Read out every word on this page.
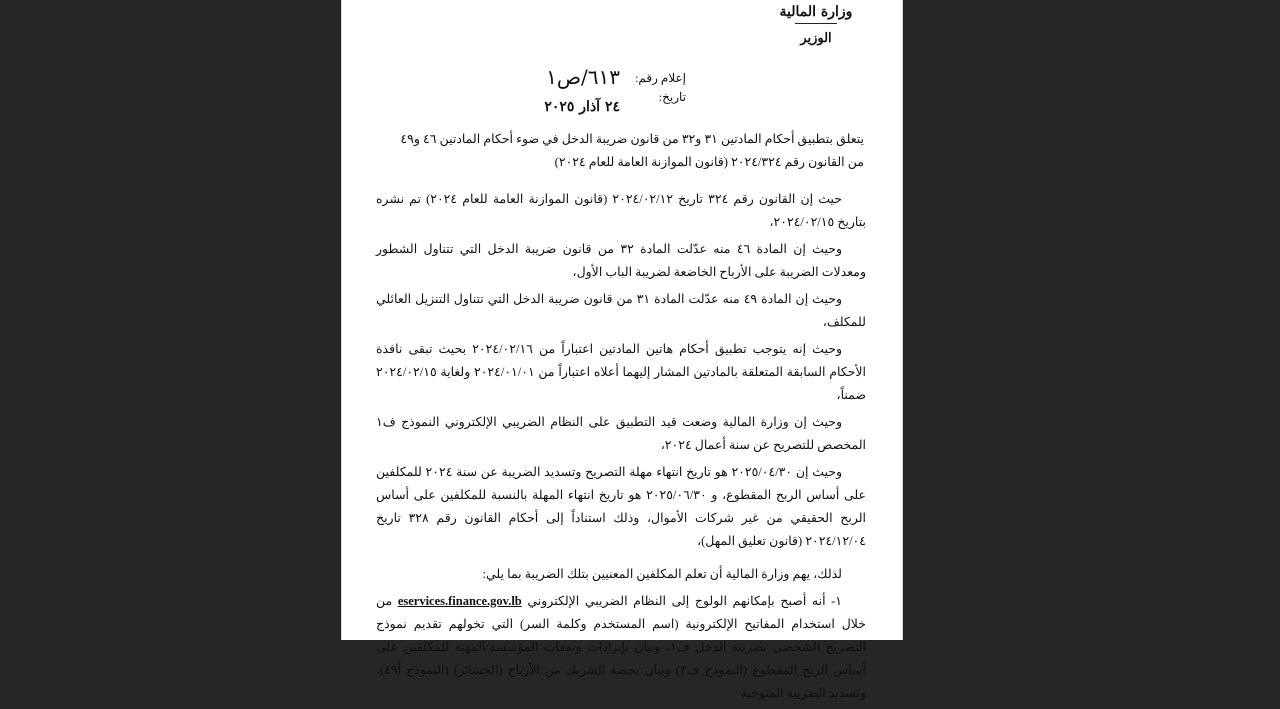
وزارة المالية
الوزير
إعلام رقم:
٦١٣/ص١
تاريخ:
٢٤ آذار ٢٠٢٥
يتعلق بتطبيق أحكام المادتين ٣١ و٣٢ من قانون ضريبة الدخل في ضوء أحكام المادتين ٤٦ و٤٩
من القانون رقم ٢٠٢٤/٣٢٤ (قانون الموازنة العامة للعام ٢٠٢٤)

حيث إن القانون رقم ٣٢٤ تاريخ ٢٠٢٤/٠٢/١٢ (قانون الموازنة العامة للعام ٢٠٢٤) تم نشره بتاريخ ٢٠٢٤/٠٢/١٥،

وحيث إن المادة ٤٦ منه عدّلت المادة ٣٢ من قانون ضريبة الدخل التي تتناول الشطور ومعدلات الضريبة على الأرباح الخاضعة لضريبة الباب الأول،

وحيث إن المادة ٤٩ منه عدّلت المادة ٣١ من قانون ضريبة الدخل التي تتناول التنزيل العائلي للمكلف،

وحيث إنه يتوجب تطبيق أحكام هاتين المادتين اعتباراً من ٢٠٢٤/٠٢/١٦ بحيث تبقى نافذة الأحكام السابقة المتعلقة بالمادتين المشار إليهما أعلاه اعتباراً من ٢٠٢٤/٠١/٠١ ولغاية ٢٠٢٤/٠٢/١٥ ضمناً،

وحيث إن وزارة المالية وضعت قيد التطبيق على النظام الضريبي الإلكتروني النموذج ف١ المخصص للتصريح عن سنة أعمال ٢٠٢٤،

وحيث إن ٢٠٢٥/٠٤/٣٠ هو تاريخ انتهاء مهلة التصريح وتسديد الضريبة عن سنة ٢٠٢٤ للمكلفين على أساس الربح المقطوع، و ٢٠٢٥/٠٦/٣٠ هو تاريخ انتهاء المهلة بالنسبة للمكلفين على أساس الربح الحقيقي من غير شركات الأموال، وذلك استناداً إلى أحكام القانون رقم ٣٢٨ تاريخ ٢٠٢٤/١٢/٠٤ (قانون تعليق المهل)،

لذلك، يهم وزارة المالية أن تعلم المكلفين المعنيين بتلك الضريبة بما يلي:

١- أنه أصبح بإمكانهم الولوج إلى النظام الضريبي الإلكتروني eservices.finance.gov.lb من خلال استخدام المفاتيح الإلكترونية (اسم المستخدم وكلمة السر) التي تخولهم تقديم نموذج التصريح الشخصي بضريبة الدخل ف١، وبيان بإيرادات ونفقات المؤسسة/المهنة للمكلفين على أساس الربح المقطوع (النموذج ف٣) وبيان بحصة الشريك من الأرباح (الخسائر) (النموذج أ٤٩)، وتسديد الضريبة المتوجبة
